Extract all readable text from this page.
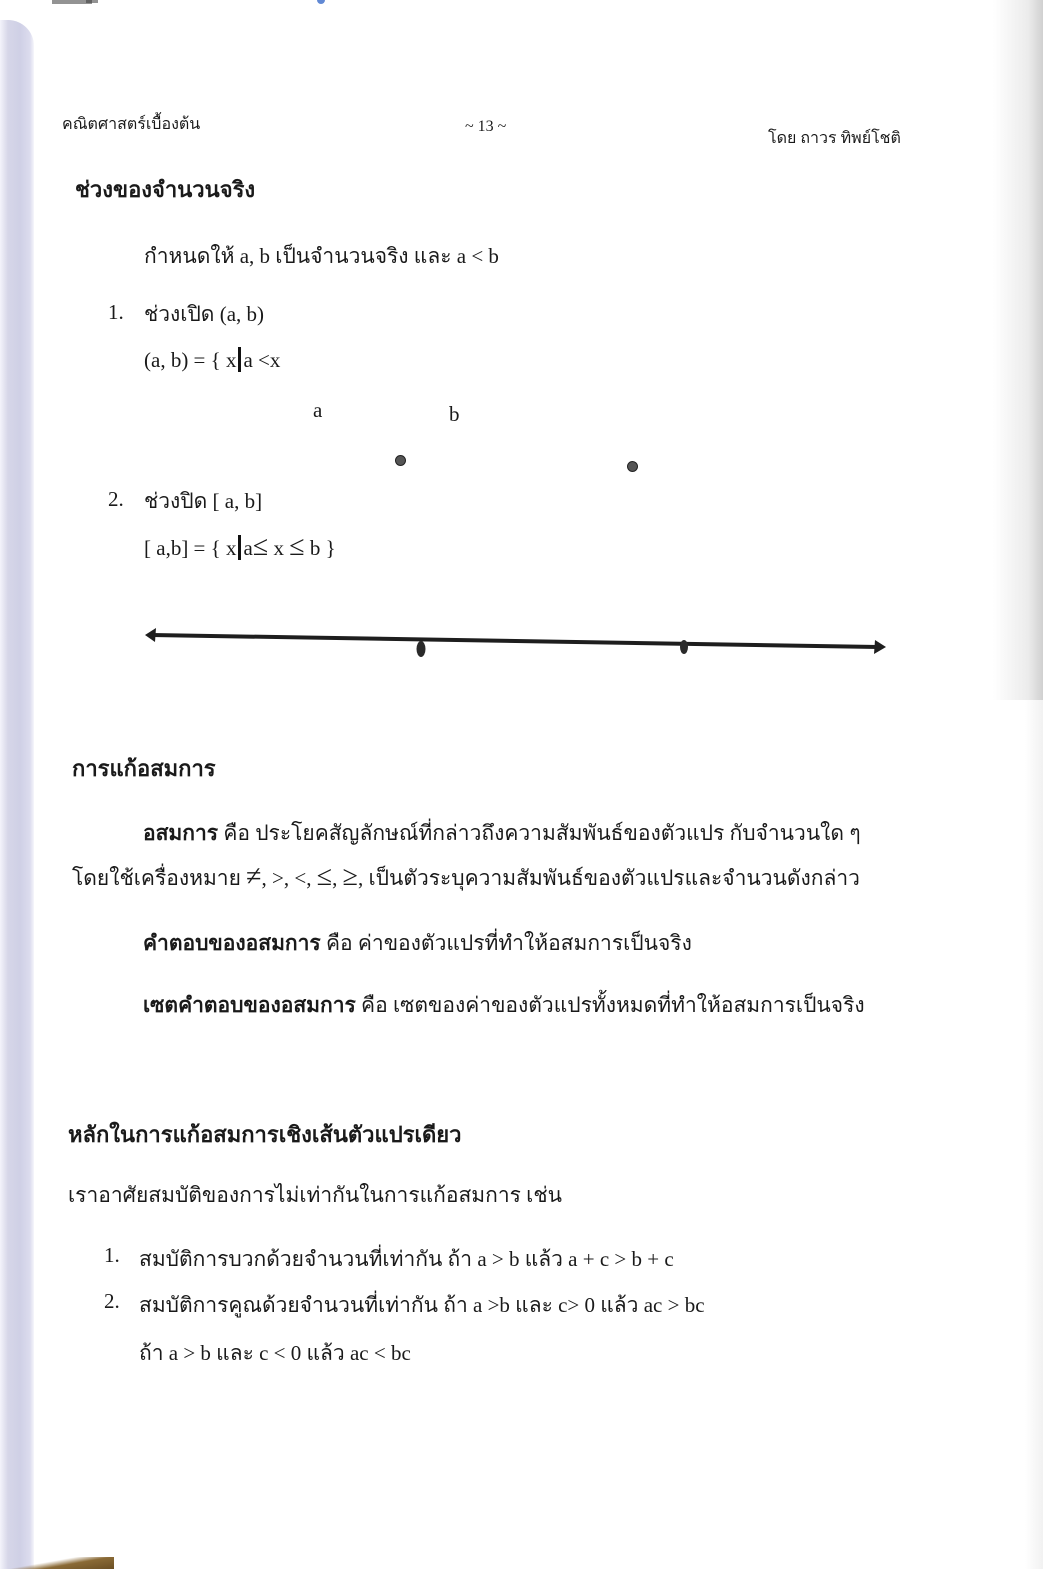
คณิตศาสตร์เบื้องต้น	~ 13 ~
โดย ถาวร ทิพย์โชติ
ช่วงของจำนวนจริง
กำหนดให้ a, b เป็นจำนวนจริง และ a < b
1. ช่วงเปิด (a, b)
(a, b) = { x a <x
a	b
2. ช่วงปิด [ a, b]
[ a,b] = { x a≤ x ≤ b }
การแก้อสมการ
อสมการ คือ ประโยคสัญลักษณ์ที่กล่าวถึงความสัมพันธ์ของตัวแปร กับจำนวนใด ๆ
โดยใช้เครื่องหมาย ≠, >, <, ≤, ≥, เป็นตัวระบุความสัมพันธ์ของตัวแปรและจำนวนดังกล่าว
คำตอบของอสมการ คือ ค่าของตัวแปรที่ทำให้อสมการเป็นจริง
เซตคำตอบของอสมการ คือ เซตของค่าของตัวแปรทั้งหมดที่ทำให้อสมการเป็นจริง
หลักในการแก้อสมการเชิงเส้นตัวแปรเดียว
เราอาศัยสมบัติของการไม่เท่ากันในการแก้อสมการ เช่น
1. สมบัติการบวกด้วยจำนวนที่เท่ากัน ถ้า a > b แล้ว a + c > b + c
2. สมบัติการคูณด้วยจำนวนที่เท่ากัน ถ้า a >b และ c> 0 แล้ว ac > bc
ถ้า a > b และ c < 0 แล้ว ac < bc
